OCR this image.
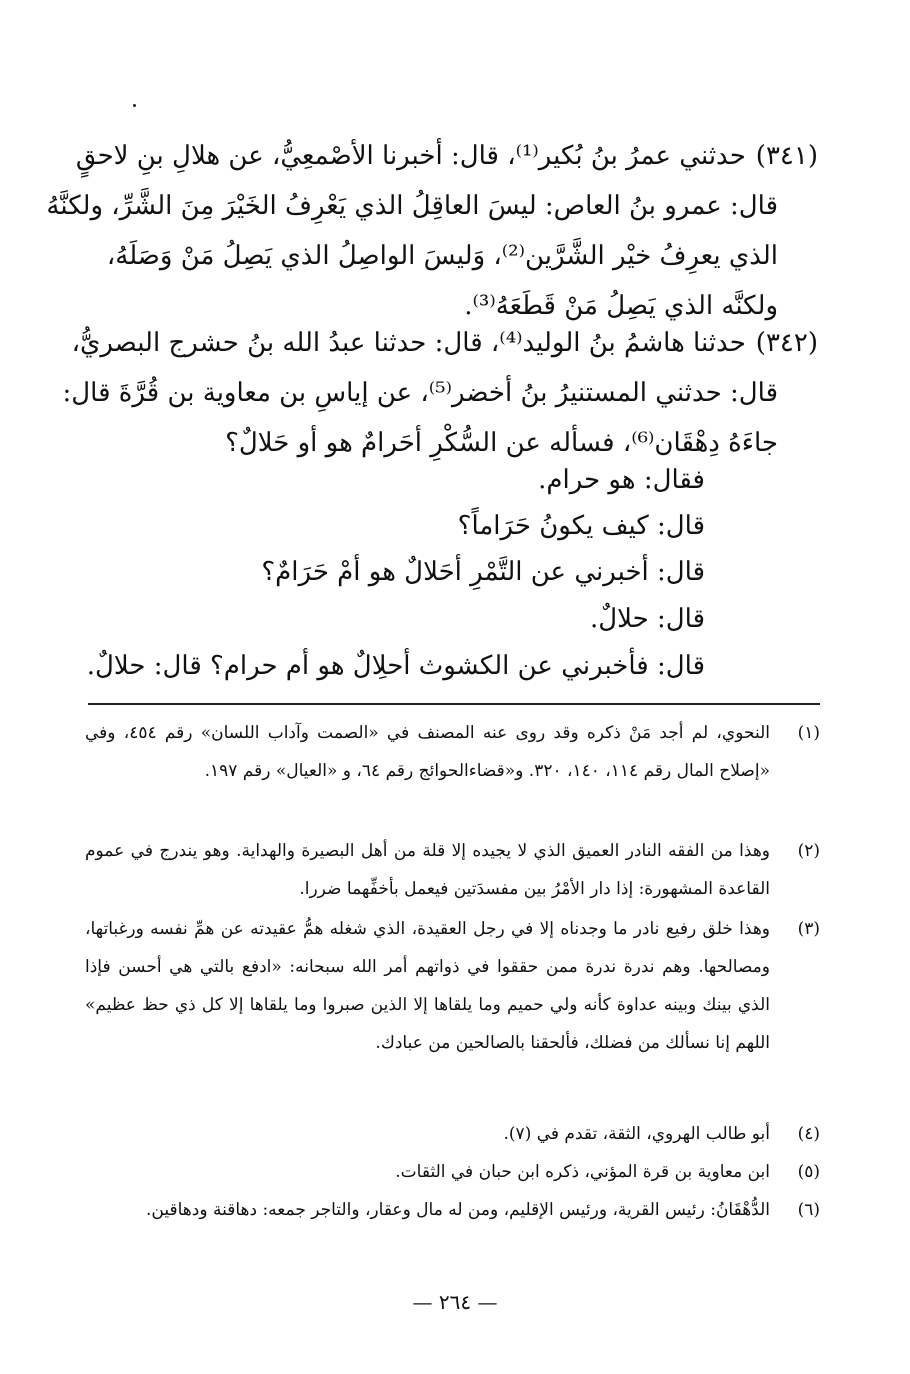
(٣٤١)
حدثني عمرُ بنُ بُكير⁽¹⁾، قال: أخبرنا الأصْمعِيُّ، عن هلالِ بنِ لاحقٍ
قال: عمرو بنُ العاص: ليسَ العاقِلُ الذي يَعْرِفُ الخَيْرَ مِنَ الشَّرِّ، ولكنَّهُ
الذي يعرِفُ خيْر الشَّرَّين⁽²⁾، وَليسَ الواصِلُ الذي يَصِلُ مَنْ وَصَلَهُ،
ولكنَّه الذي يَصِلُ مَنْ قَطَعَهُ⁽³⁾.
(٣٤٢)
حدثنا هاشمُ بنُ الوليد⁽⁴⁾، قال: حدثنا عبدُ الله بنُ حشرج البصريُّ،
قال: حدثني المستنيرُ بنُ أخضر⁽⁵⁾، عن إياسِ بن معاوية بن قُرَّةَ قال:
جاءَهُ دِهْقَان⁽⁶⁾، فسأله عن السُّكْرِ أحَرامٌ هو أو حَلالٌ؟
فقال: هو حرام.
قال: كيف يكونُ حَرَاماً؟
قال: أخبرني عن التَّمْرِ أحَلالٌ هو أمْ حَرَامٌ؟
قال: حلالٌ.
قال: فأخبرني عن الكشوث أحلِالٌ هو أم حرام؟ قال: حلالٌ.
(١)
النحوي، لم أجد مَنْ ذكره وقد روى عنه المصنف في «الصمت وآداب اللسان» رقم ٤٥٤، وفي «إصلاح المال رقم ١١٤، ١٤٠، ٣٢٠. و«قضاءالحوائج رقم ٦٤، و «العيال» رقم ١٩٧.
(٢)
وهذا من الفقه النادر العميق الذي لا يجيده إلا قلة من أهل البصيرة والهداية. وهو يندرج في عموم القاعدة المشهورة: إذا دار الأمْرُ بين مفسدَتين فيعمل بأخفِّهما ضررا.
(٣)
وهذا خلق رفيع نادر ما وجدناه إلا في رجل العقيدة، الذي شغله همُّ عقيدته عن همِّ نفسه ورغباتها، ومصالحها. وهم ندرة ندرة ممن حققوا في ذواتهم أمر الله سبحانه: «ادفع بالتي هي أحسن فإذا الذي بينك وبينه عداوة كأنه ولي حميم وما يلقاها إلا الذين صبروا وما يلقاها إلا كل ذي حظ عظيم» اللهم إنا نسألك من فضلك، فألحقنا بالصالحين من عبادك.
(٤)
أبو طالب الهروي، الثقة، تقدم في (٧).
(٥)
ابن معاوية بن قرة المؤني، ذكره ابن حبان في الثقات.
(٦)
الدُّهْقَانُ: رئيس القرية، ورئيس الإقليم، ومن له مال وعقار، والتاجر جمعه: دهاقنة ودهاقين.
— ٢٦٤ —
